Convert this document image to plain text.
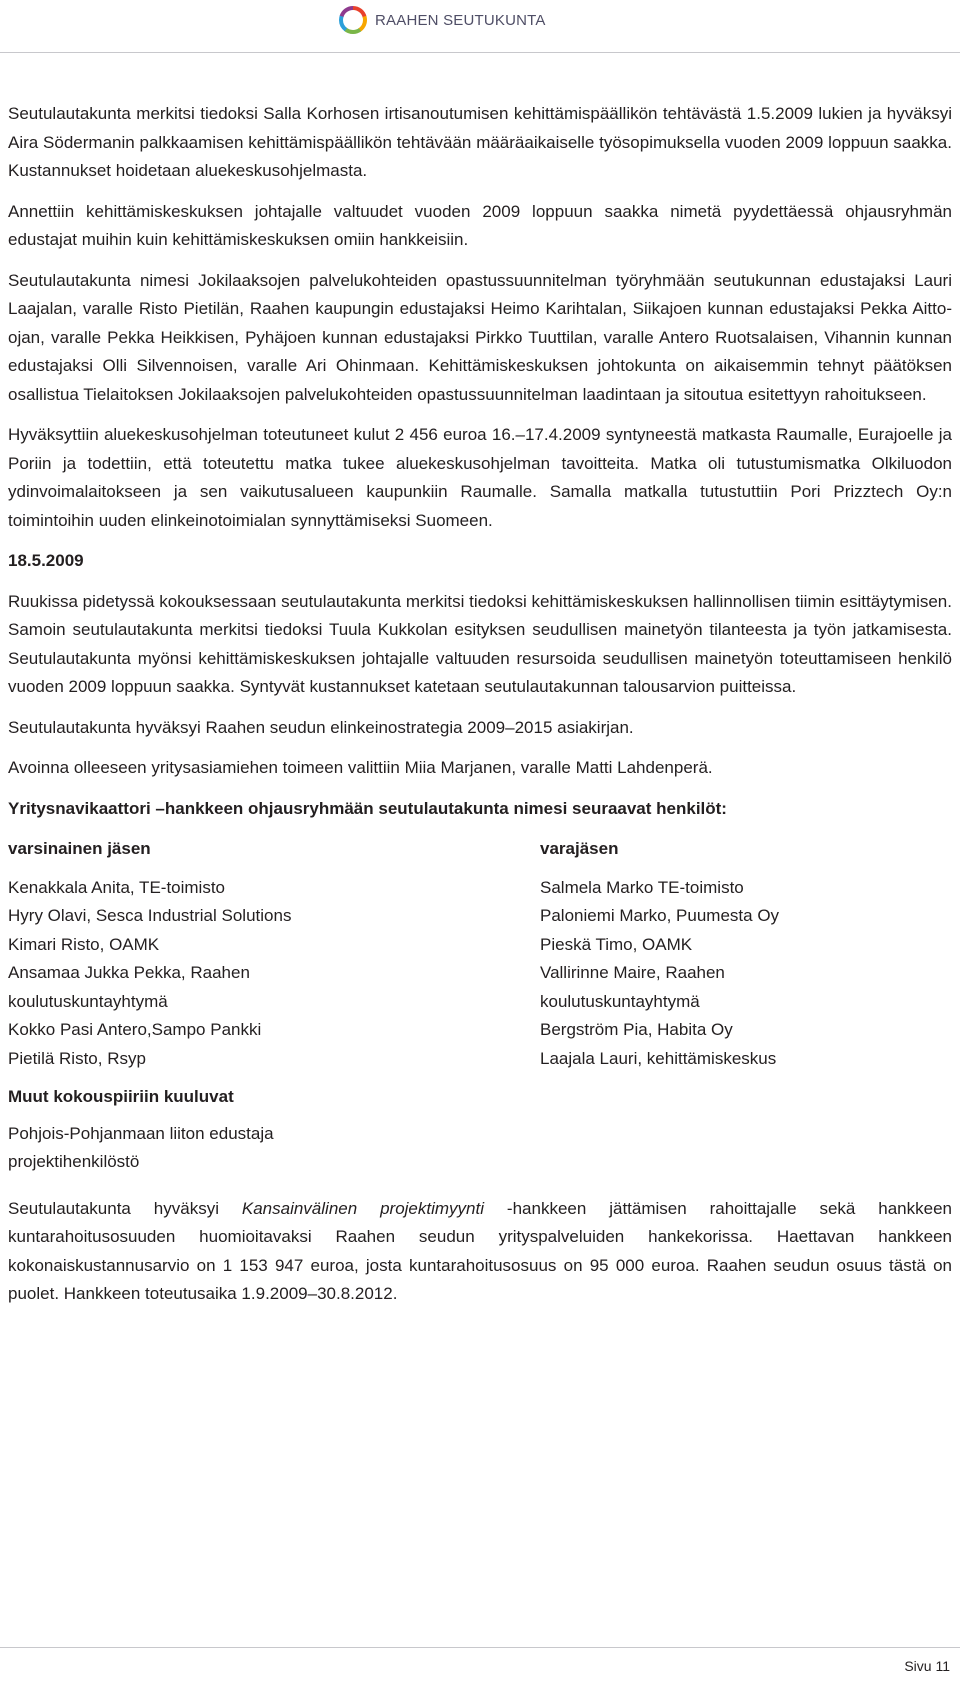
RAAHEN SEUTUKUNTA

Seutulautakunta merkitsi tiedoksi Salla Korhosen irtisanoutumisen kehittämispäällikön tehtävästä 1.5.2009 lukien ja hyväksyi Aira Södermanin palkkaamisen kehittämispäällikön tehtävään määräaikaiselle työsopimuksella vuoden 2009 loppuun saakka. Kustannukset hoidetaan aluekeskusohjelmasta.

Annettiin kehittämiskeskuksen johtajalle valtuudet vuoden 2009 loppuun saakka nimetä pyydettäessä ohjausryhmän edustajat muihin kuin kehittämiskeskuksen omiin hankkeisiin.

Seutulautakunta nimesi Jokilaaksojen palvelukohteiden opastussuunnitelman työryhmään seutukunnan edustajaksi Lauri Laajalan, varalle Risto Pietilän, Raahen kaupungin edustajaksi Heimo Karihtalan, Siikajoen kunnan edustajaksi Pekka Aitto-ojan, varalle Pekka Heikkisen, Pyhäjoen kunnan edustajaksi Pirkko Tuuttilan, varalle Antero Ruotsalaisen, Vihannin kunnan edustajaksi Olli Silvennoisen, varalle Ari Ohinmaan. Kehittämiskeskuksen johtokunta on aikaisemmin tehnyt päätöksen osallistua Tielaitoksen Jokilaaksojen palvelukohteiden opastussuunnitelman laadintaan ja sitoutua esitettyyn rahoitukseen.

Hyväksyttiin aluekeskusohjelman toteutuneet kulut 2 456 euroa 16.–17.4.2009 syntyneestä matkasta Raumalle, Eurajoelle ja Poriin ja todettiin, että toteutettu matka tukee aluekeskusohjelman tavoitteita. Matka oli tutustumismatka Olkiluodon ydinvoimalaitokseen ja sen vaikutusalueen kaupunkiin Raumalle. Samalla matkalla tutustuttiin Pori Prizztech Oy:n toimintoihin uuden elinkeinotoimialan synnyttämiseksi Suomeen.

18.5.2009

Ruukissa pidetyssä kokouksessaan seutulautakunta merkitsi tiedoksi kehittämiskeskuksen hallinnollisen tiimin esittäytymisen. Samoin seutulautakunta merkitsi tiedoksi Tuula Kukkolan esityksen seudullisen mainetyön tilanteesta ja työn jatkamisesta. Seutulautakunta myönsi kehittämiskeskuksen johtajalle valtuuden resursoida seudullisen mainetyön toteuttamiseen henkilö vuoden 2009 loppuun saakka. Syntyvät kustannukset katetaan seutulautakunnan talousarvion puitteissa.

Seutulautakunta hyväksyi Raahen seudun elinkeinostrategia 2009–2015 asiakirjan.

Avoinna olleeseen yritysasiamiehen toimeen valittiin Miia Marjanen, varalle Matti Lahdenperä.

Yritysnavikaattori –hankkeen ohjausryhmään seutulautakunta nimesi seuraavat henkilöt:

varsinainen jäsen
Kenakkala Anita, TE-toimisto
Hyry Olavi, Sesca Industrial Solutions
Kimari Risto, OAMK
Ansamaa Jukka Pekka, Raahen koulutuskuntayhtymä
Kokko Pasi Antero,Sampo Pankki
Pietilä Risto, Rsyp
Muut kokouspiiriin kuuluvat
Pohjois-Pohjanmaan liiton edustaja
projektihenkilöstö
varajäsen
Salmela Marko TE-toimisto
Paloniemi Marko, Puumesta Oy
Pieskä Timo, OAMK
Vallirinne Maire, Raahen koulutuskuntayhtymä
Bergström Pia, Habita Oy
Laajala Lauri, kehittämiskeskus

Seutulautakunta hyväksyi Kansainvälinen projektimyynti -hankkeen jättämisen rahoittajalle sekä hankkeen kuntarahoitusosuuden huomioitavaksi Raahen seudun yrityspalveluiden hankekorissa. Haettavan hankkeen kokonaiskustannusarvio on 1 153 947 euroa, josta kuntarahoitusosuus on 95 000 euroa. Raahen seudun osuus tästä on puolet. Hankkeen toteutusaika 1.9.2009–30.8.2012.

Sivu 11
